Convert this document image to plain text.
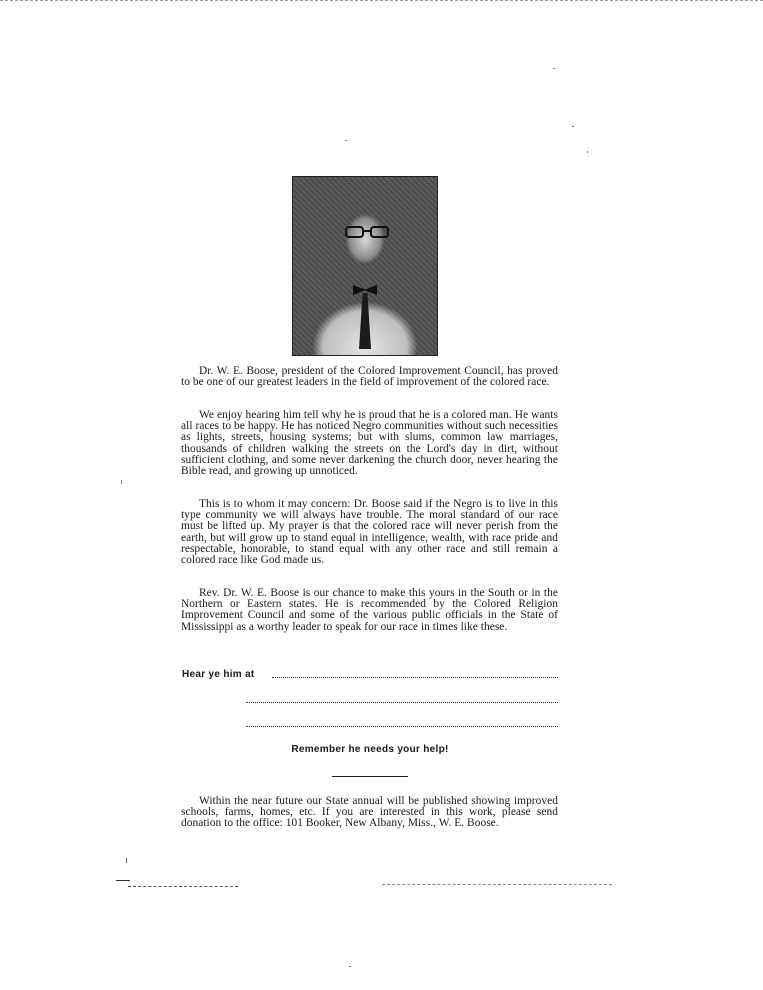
Dr. W. E. Boose, president of the Colored Improvement Council, has proved to be one of our greatest leaders in the field of improvement of the colored race.

We enjoy hearing him tell why he is proud that he is a colored man. He wants all races to be happy. He has noticed Negro communities without such necessities as lights, streets, housing systems; but with slums, common law marriages, thousands of children walking the streets on the Lord's day in dirt, without sufficient clothing, and some never darkening the church door, never hearing the Bible read, and growing up unnoticed.

This is to whom it may concern: Dr. Boose said if the Negro is to live in this type community we will always have trouble. The moral standard of our race must be lifted up. My prayer is that the colored race will never perish from the earth, but will grow up to stand equal in intelligence, wealth, with race pride and respectable, honorable, to stand equal with any other race and still remain a colored race like God made us.

Rev. Dr. W. E. Boose is our chance to make this yours in the South or in the Northern or Eastern states. He is recommended by the Colored Religion Improvement Council and some of the various public officials in the State of Mississippi as a worthy leader to speak for our race in times like these.

Hear ye him at
Remember he needs your help!

Within the near future our State annual will be published showing improved schools, farms, homes, etc. If you are interested in this work, please send donation to the office: 101 Booker, New Albany, Miss., W. E. Boose.
